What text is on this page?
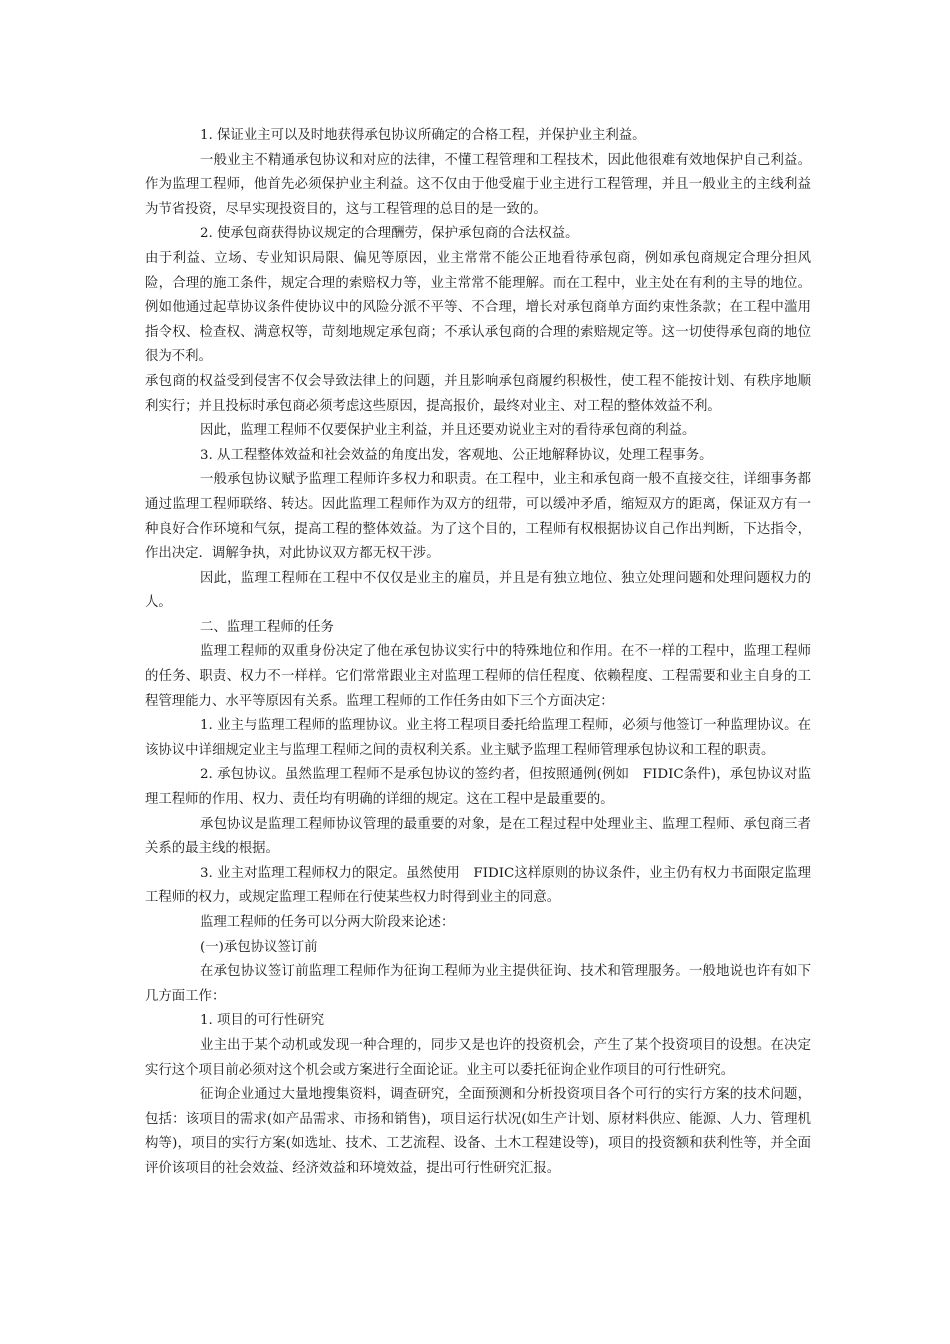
1. 保证业主可以及时地获得承包协议所确定的合格工程，并保护业主利益。

一般业主不精通承包协议和对应的法律，不懂工程管理和工程技术，因此他很难有效地保护自己利益。作为监理工程师，他首先必须保护业主利益。这不仅由于他受雇于业主进行工程管理，并且一般业主的主线利益为节省投资，尽早实现投资目的，这与工程管理的总目的是一致的。

2. 使承包商获得协议规定的合理酬劳，保护承包商的合法权益。

由于利益、立场、专业知识局限、偏见等原因，业主常常不能公正地看待承包商，例如承包商规定合理分担风险，合理的施工条件，规定合理的索赔权力等，业主常常不能理解。而在工程中，业主处在有利的主导的地位。例如他通过起草协议条件使协议中的风险分派不平等、不合理，增长对承包商单方面约束性条款；在工程中滥用指令权、检查权、满意权等，苛刻地规定承包商；不承认承包商的合理的索赔规定等。这一切使得承包商的地位很为不利。

承包商的权益受到侵害不仅会导致法律上的问题，并且影响承包商履约积极性，使工程不能按计划、有秩序地顺利实行；并且投标时承包商必须考虑这些原因，提高报价，最终对业主、对工程的整体效益不利。

因此，监理工程师不仅要保护业主利益，并且还要劝说业主对的看待承包商的利益。

3. 从工程整体效益和社会效益的角度出发，客观地、公正地解释协议，处理工程事务。

一般承包协议赋予监理工程师许多权力和职责。在工程中，业主和承包商一般不直接交往，详细事务都通过监理工程师联络、转达。因此监理工程师作为双方的纽带，可以缓冲矛盾，缩短双方的距离，保证双方有一种良好合作环境和气氛，提高工程的整体效益。为了这个目的，工程师有权根据协议自己作出判断，下达指令，作出决定．调解争执，对此协议双方都无权干涉。

因此，监理工程师在工程中不仅仅是业主的雇员，并且是有独立地位、独立处理问题和处理问题权力的人。

二、监理工程师的任务

监理工程师的双重身份决定了他在承包协议实行中的特殊地位和作用。在不一样的工程中，监理工程师的任务、职责、权力不一样样。它们常常跟业主对监理工程师的信任程度、依赖程度、工程需要和业主自身的工程管理能力、水平等原因有关系。监理工程师的工作任务由如下三个方面决定：

1. 业主与监理工程师的监理协议。业主将工程项目委托给监理工程师，必须与他签订一种监理协议。在该协议中详细规定业主与监理工程师之间的责权利关系。业主赋予监理工程师管理承包协议和工程的职责。

2. 承包协议。虽然监理工程师不是承包协议的签约者，但按照通例(例如　FIDIC条件)，承包协议对监理工程师的作用、权力、责任均有明确的详细的规定。这在工程中是最重要的。

承包协议是监理工程师协议管理的最重要的对象，是在工程过程中处理业主、监理工程师、承包商三者关系的最主线的根据。

3. 业主对监理工程师权力的限定。虽然使用　FIDIC这样原则的协议条件，业主仍有权力书面限定监理工程师的权力，或规定监理工程师在行使某些权力时得到业主的同意。

监理工程师的任务可以分两大阶段来论述：

(一)承包协议签订前

在承包协议签订前监理工程师作为征询工程师为业主提供征询、技术和管理服务。一般地说也许有如下几方面工作：

1. 项目的可行性研究

业主出于某个动机或发现一种合理的，同步又是也许的投资机会，产生了某个投资项目的设想。在决定实行这个项目前必须对这个机会或方案进行全面论证。业主可以委托征询企业作项目的可行性研究。

征询企业通过大量地搜集资料，调查研究，全面预测和分析投资项目各个可行的实行方案的技术问题，包括：该项目的需求(如产品需求、市扬和销售)，项目运行状况(如生产计划、原材料供应、能源、人力、管理机构等)，项目的实行方案(如选址、技术、工艺流程、设备、土木工程建设等)，项目的投资额和获利性等，并全面评价该项目的社会效益、经济效益和环境效益，提出可行性研究汇报。
